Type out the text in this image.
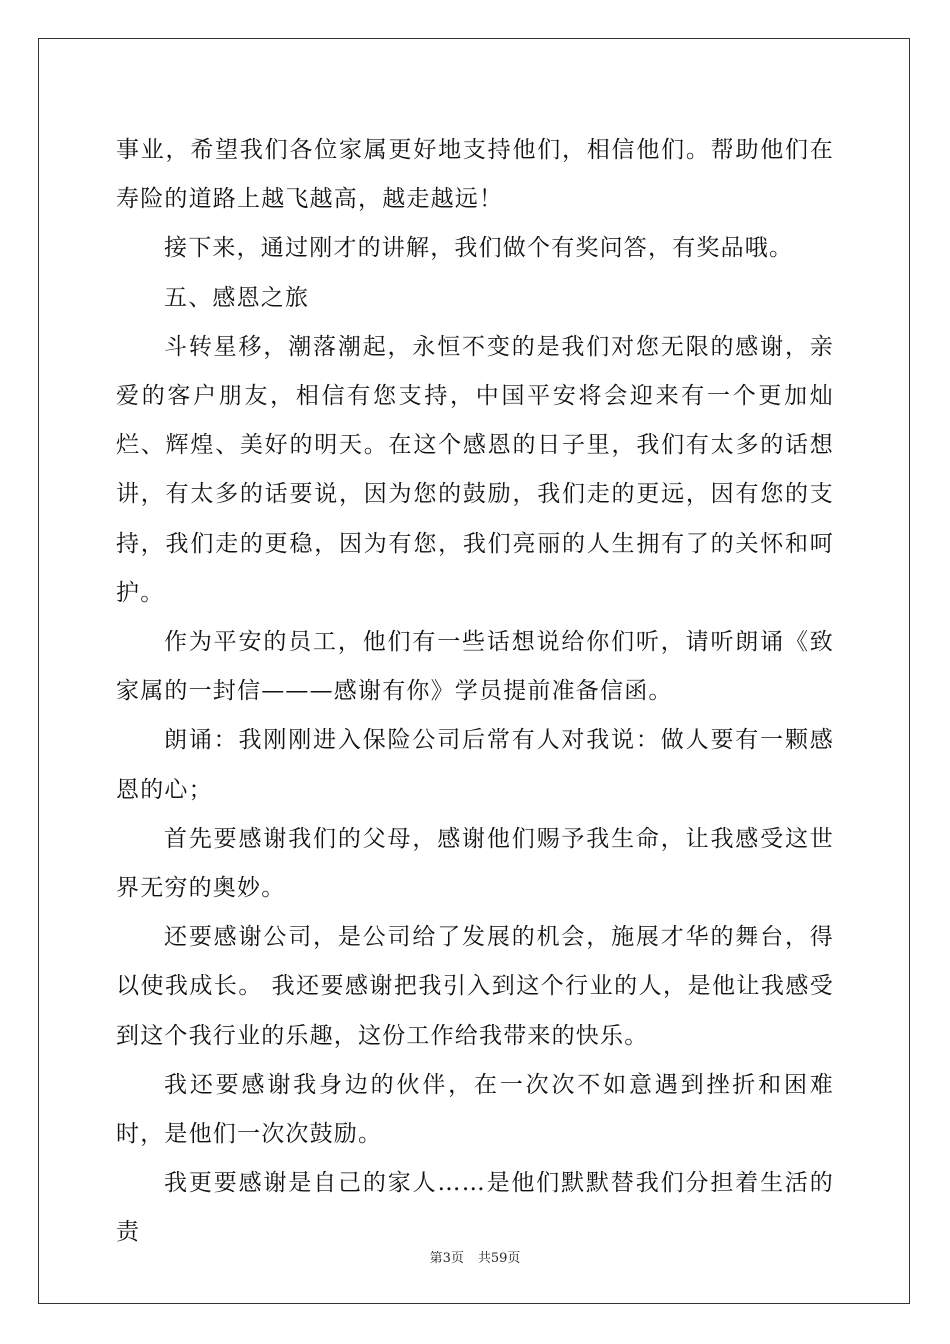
事业，希望我们各位家属更好地支持他们，相信他们。帮助他们在寿险的道路上越飞越高，越走越远！

接下来，通过刚才的讲解，我们做个有奖问答，有奖品哦。

五、感恩之旅

斗转星移，潮落潮起，永恒不变的是我们对您无限的感谢，亲爱的客户朋友，相信有您支持，中国平安将会迎来有一个更加灿烂、辉煌、美好的明天。在这个感恩的日子里，我们有太多的话想讲，有太多的话要说，因为您的鼓励，我们走的更远，因有您的支持，我们走的更稳，因为有您，我们亮丽的人生拥有了的关怀和呵护。

作为平安的员工，他们有一些话想说给你们听，请听朗诵《致家属的一封信———感谢有你》学员提前准备信函。

朗诵：我刚刚进入保险公司后常有人对我说：做人要有一颗感恩的心；

首先要感谢我们的父母，感谢他们赐予我生命，让我感受这世界无穷的奥妙。

还要感谢公司，是公司给了发展的机会，施展才华的舞台，得以使我成长。 我还要感谢把我引入到这个行业的人，是他让我感受到这个我行业的乐趣，这份工作给我带来的快乐。

我还要感谢我身边的伙伴，在一次次不如意遇到挫折和困难时，是他们一次次鼓励。

我更要感谢是自己的家人……是他们默默替我们分担着生活的责

第3页 共59页
